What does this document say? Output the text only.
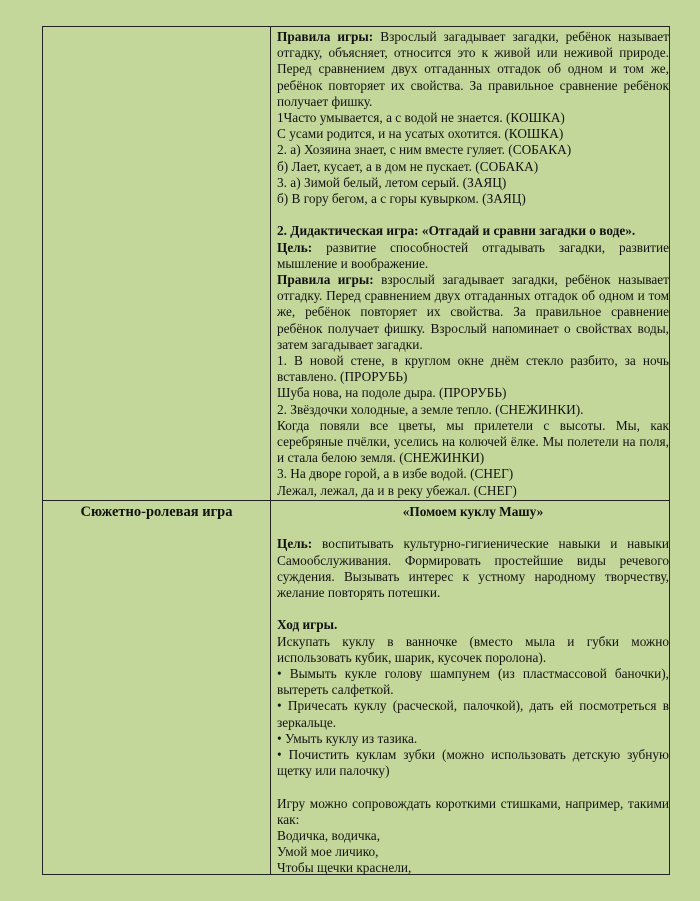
Правила игры: Взрослый загадывает загадки, ребёнок называет отгадку, объясняет, относится это к живой или неживой природе. Перед сравнением двух отгаданных отгадок об одном и том же, ребёнок повторяет их свойства. За правильное сравнение ребёнок получает фишку.

1Часто умывается, а с водой не знается. (КОШКА)

С усами родится, и на усатых охотится. (КОШКА)

2. а) Хозяина знает, с ним вместе гуляет. (СОБАКА)

б) Лает, кусает, а в дом не пускает. (СОБАКА)

3. а) Зимой белый, летом серый. (ЗАЯЦ)

б) В гору бегом, а с горы кувырком. (ЗАЯЦ)

2. Дидактическая игра: «Отгадай и сравни загадки о воде».

Цель: развитие способностей отгадывать загадки, развитие мышление и воображение.

Правила игры: взрослый загадывает загадки, ребёнок называет отгадку. Перед сравнением двух отгаданных отгадок об одном и том же, ребёнок повторяет их свойства. За правильное сравнение ребёнок получает фишку. Взрослый напоминает о свойствах воды, затем загадывает загадки.

1. В новой стене, в круглом окне днём стекло разбито, за ночь вставлено. (ПРОРУБЬ)

Шуба нова, на подоле дыра. (ПРОРУБЬ)

2. Звёздочки холодные, а земле тепло. (СНЕЖИНКИ).

Когда повяли все цветы, мы прилетели с высоты. Мы, как серебряные пчёлки, уселись на колючей ёлке. Мы полетели на поля, и стала белою земля. (СНЕЖИНКИ)

3. На дворе горой, а в избе водой. (СНЕГ)

Лежал, лежал, да и в реку убежал. (СНЕГ)

Сюжетно-ролевая игра	«Помоем куклу Машу»

Цель: воспитывать культурно-гигиенические навыки и навыки Самообслуживания. Формировать простейшие виды речевого суждения. Вызывать интерес к устному народному творчеству, желание повторять потешки.

Ход игры.

Искупать куклу в ванночке (вместо мыла и губки можно использовать кубик, шарик, кусочек поролона).

• Вымыть кукле голову шампунем (из пластмассовой баночки), вытереть салфеткой.

• Причесать куклу (расческой, палочкой), дать ей посмотреться в зеркальце.

• Умыть куклу из тазика.

• Почистить куклам зубки (можно использовать детскую зубную щетку или палочку)

Игру можно сопровождать короткими стишками, например, такими как:

Водичка, водичка,

Умой мое личико,

Чтобы щечки краснели,
